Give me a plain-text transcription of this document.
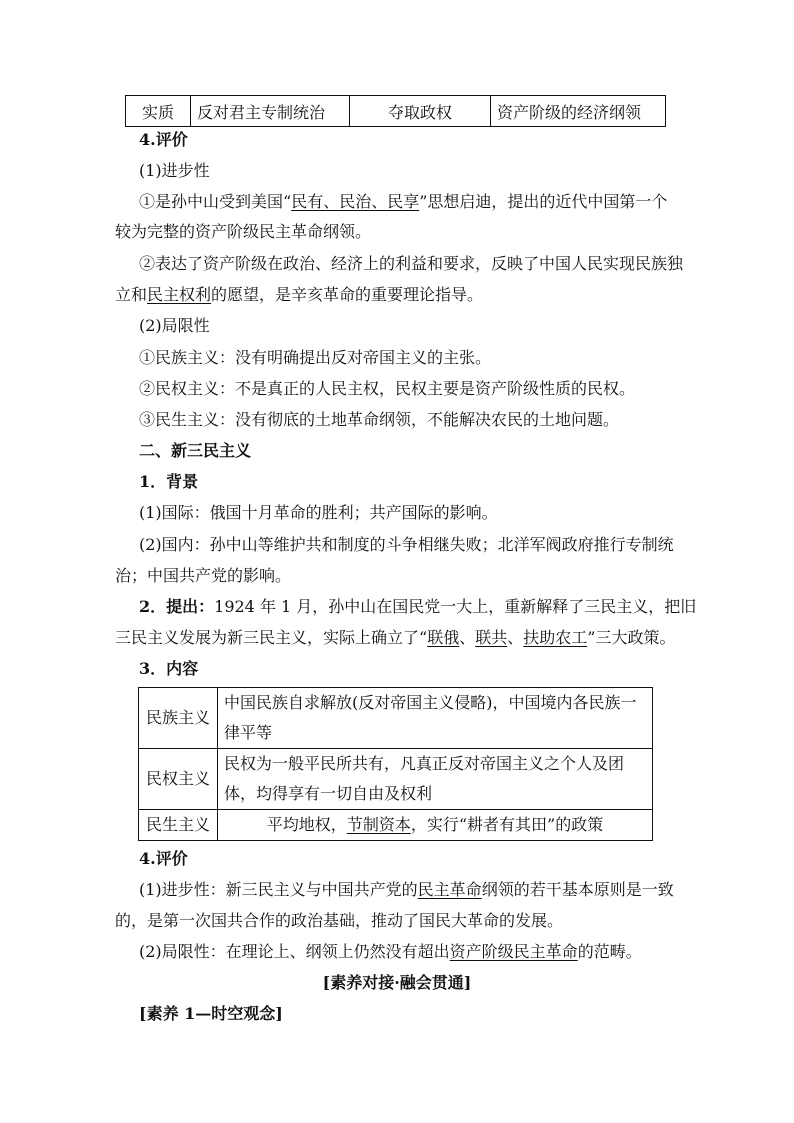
实质	反对君主专制统治	夺取政权	资产阶级的经济纲领
4.评价
(1)进步性
①是孙中山受到美国“民有、民治、民享”思想启迪，提出的近代中国第一个
较为完整的资产阶级民主革命纲领。
②表达了资产阶级在政治、经济上的利益和要求，反映了中国人民实现民族独
立和民主权利的愿望，是辛亥革命的重要理论指导。
(2)局限性
①民族主义：没有明确提出反对帝国主义的主张。
②民权主义：不是真正的人民主权，民权主要是资产阶级性质的民权。
③民生主义：没有彻底的土地革命纲领，不能解决农民的土地问题。
二、新三民主义
1．背景
(1)国际：俄国十月革命的胜利；共产国际的影响。
(2)国内：孙中山等维护共和制度的斗争相继失败；北洋军阀政府推行专制统
治；中国共产党的影响。
2．提出：1924 年 1 月，孙中山在国民党一大上，重新解释了三民主义，把旧
三民主义发展为新三民主义，实际上确立了“联俄、联共、扶助农工”三大政策。
3．内容
民族主义	中国民族自求解放(反对帝国主义侵略)，中国境内各民族一律平等
民权主义	民权为一般平民所共有，凡真正反对帝国主义之个人及团体，均得享有一切自由及权利
民生主义	平均地权，节制资本，实行“耕者有其田”的政策
4.评价
(1)进步性：新三民主义与中国共产党的民主革命纲领的若干基本原则是一致
的，是第一次国共合作的政治基础，推动了国民大革命的发展。
(2)局限性：在理论上、纲领上仍然没有超出资产阶级民主革命的范畴。
[素养对接·融会贯通]
[素养 1—时空观念]
